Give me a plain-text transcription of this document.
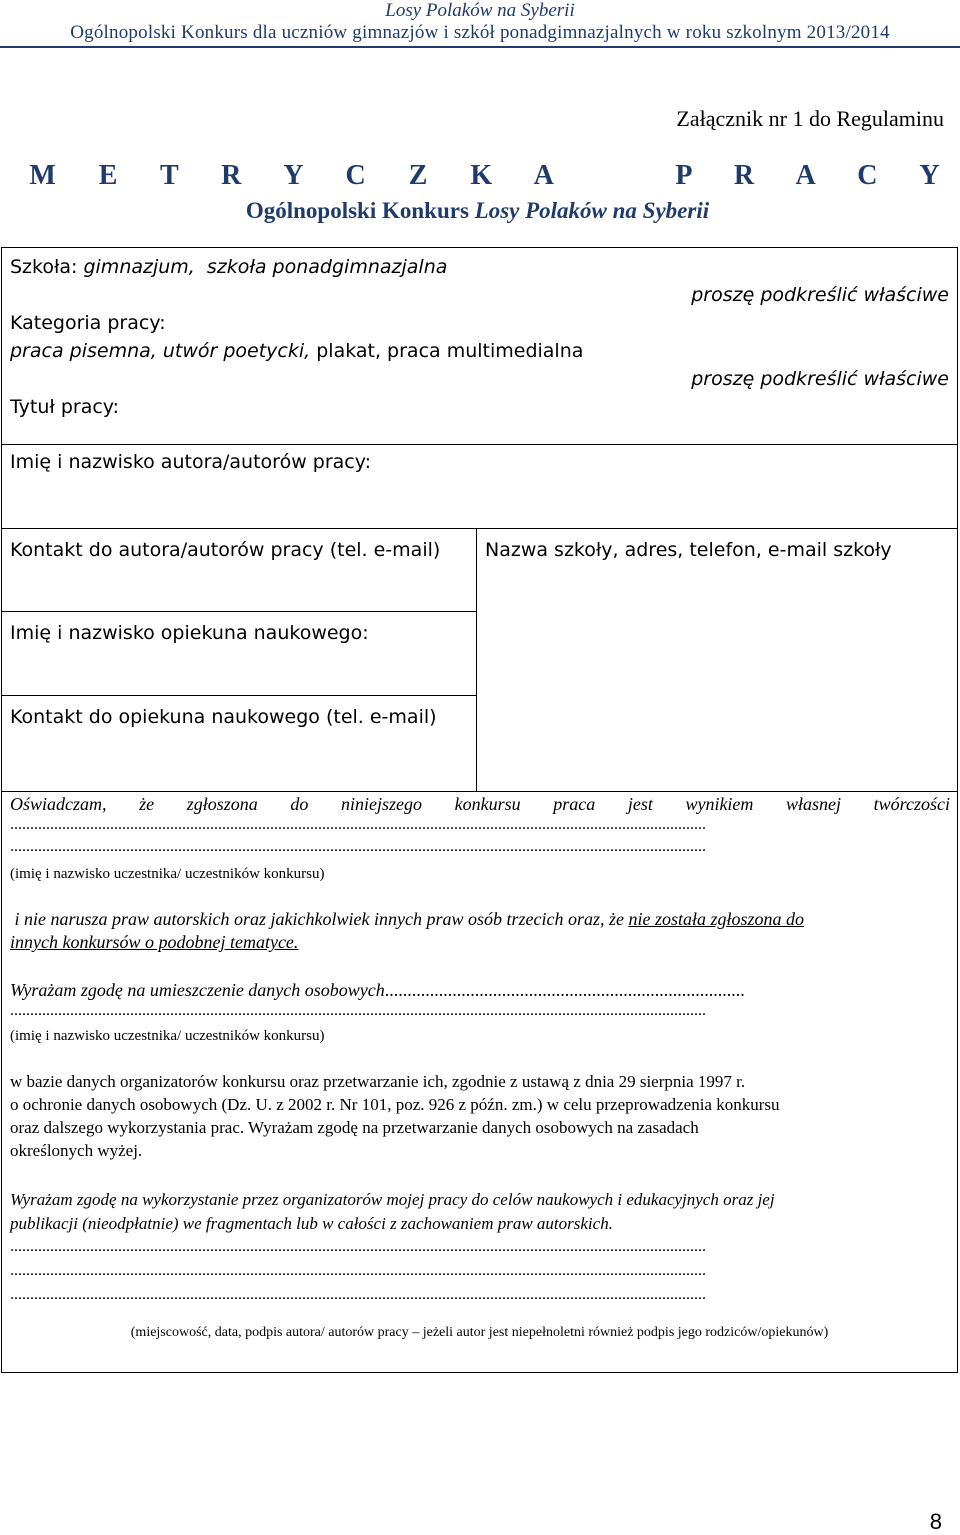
Losy Polaków na Syberii
Ogólnopolski Konkurs dla uczniów gimnazjów i szkół ponadgimnazjalnych w roku szkolnym 2013/2014
Załącznik nr 1 do Regulaminu
M E T R Y C Z K A   P R A C Y
Ogólnopolski Konkurs Losy Polaków na Syberii
Szkoła: gimnazjum,  szkoła ponadgimnazjalna
proszę podkreślić właściwe
Kategoria pracy:
praca pisemna, utwór poetycki, plakat, praca multimedialna
proszę podkreślić właściwe
Tytuł pracy:
Imię i nazwisko autora/autorów pracy:
Kontakt do autora/autorów pracy (tel. e-mail) Nazwa szkoły, adres, telefon, e-mail szkoły
Imię i nazwisko opiekuna naukowego:
Kontakt do opiekuna naukowego (tel. e-mail)
Oświadczam, że zgłoszona do niniejszego konkursu praca jest wynikiem własnej twórczości
..............................................................................................................................................................................
..............................................................................................................................................................................
(imię i nazwisko uczestnika/ uczestników konkursu)
i nie narusza praw autorskich oraz jakichkolwiek innych praw osób trzecich oraz, że nie została zgłoszona do
innych konkursów o podobnej tematyce.
Wyrażam zgodę na umieszczenie danych osobowych................................................................................
..............................................................................................................................................................................
(imię i nazwisko uczestnika/ uczestników konkursu)
w bazie danych organizatorów konkursu oraz przetwarzanie ich, zgodnie z ustawą z dnia 29 sierpnia 1997 r.
o ochronie danych osobowych (Dz. U. z 2002 r. Nr 101, poz. 926 z późn. zm.) w celu przeprowadzenia konkursu
oraz dalszego wykorzystania prac. Wyrażam zgodę na przetwarzanie danych osobowych na zasadach
określonych wyżej.
Wyrażam zgodę na wykorzystanie przez organizatorów mojej pracy do celów naukowych i edukacyjnych oraz jej
publikacji (nieodpłatnie) we fragmentach lub w całości z zachowaniem praw autorskich.
..............................................................................................................................................................................
..............................................................................................................................................................................
..............................................................................................................................................................................
(miejscowość, data, podpis autora/ autorów pracy – jeżeli autor jest niepełnoletni również podpis jego rodziców/opiekunów)
8
